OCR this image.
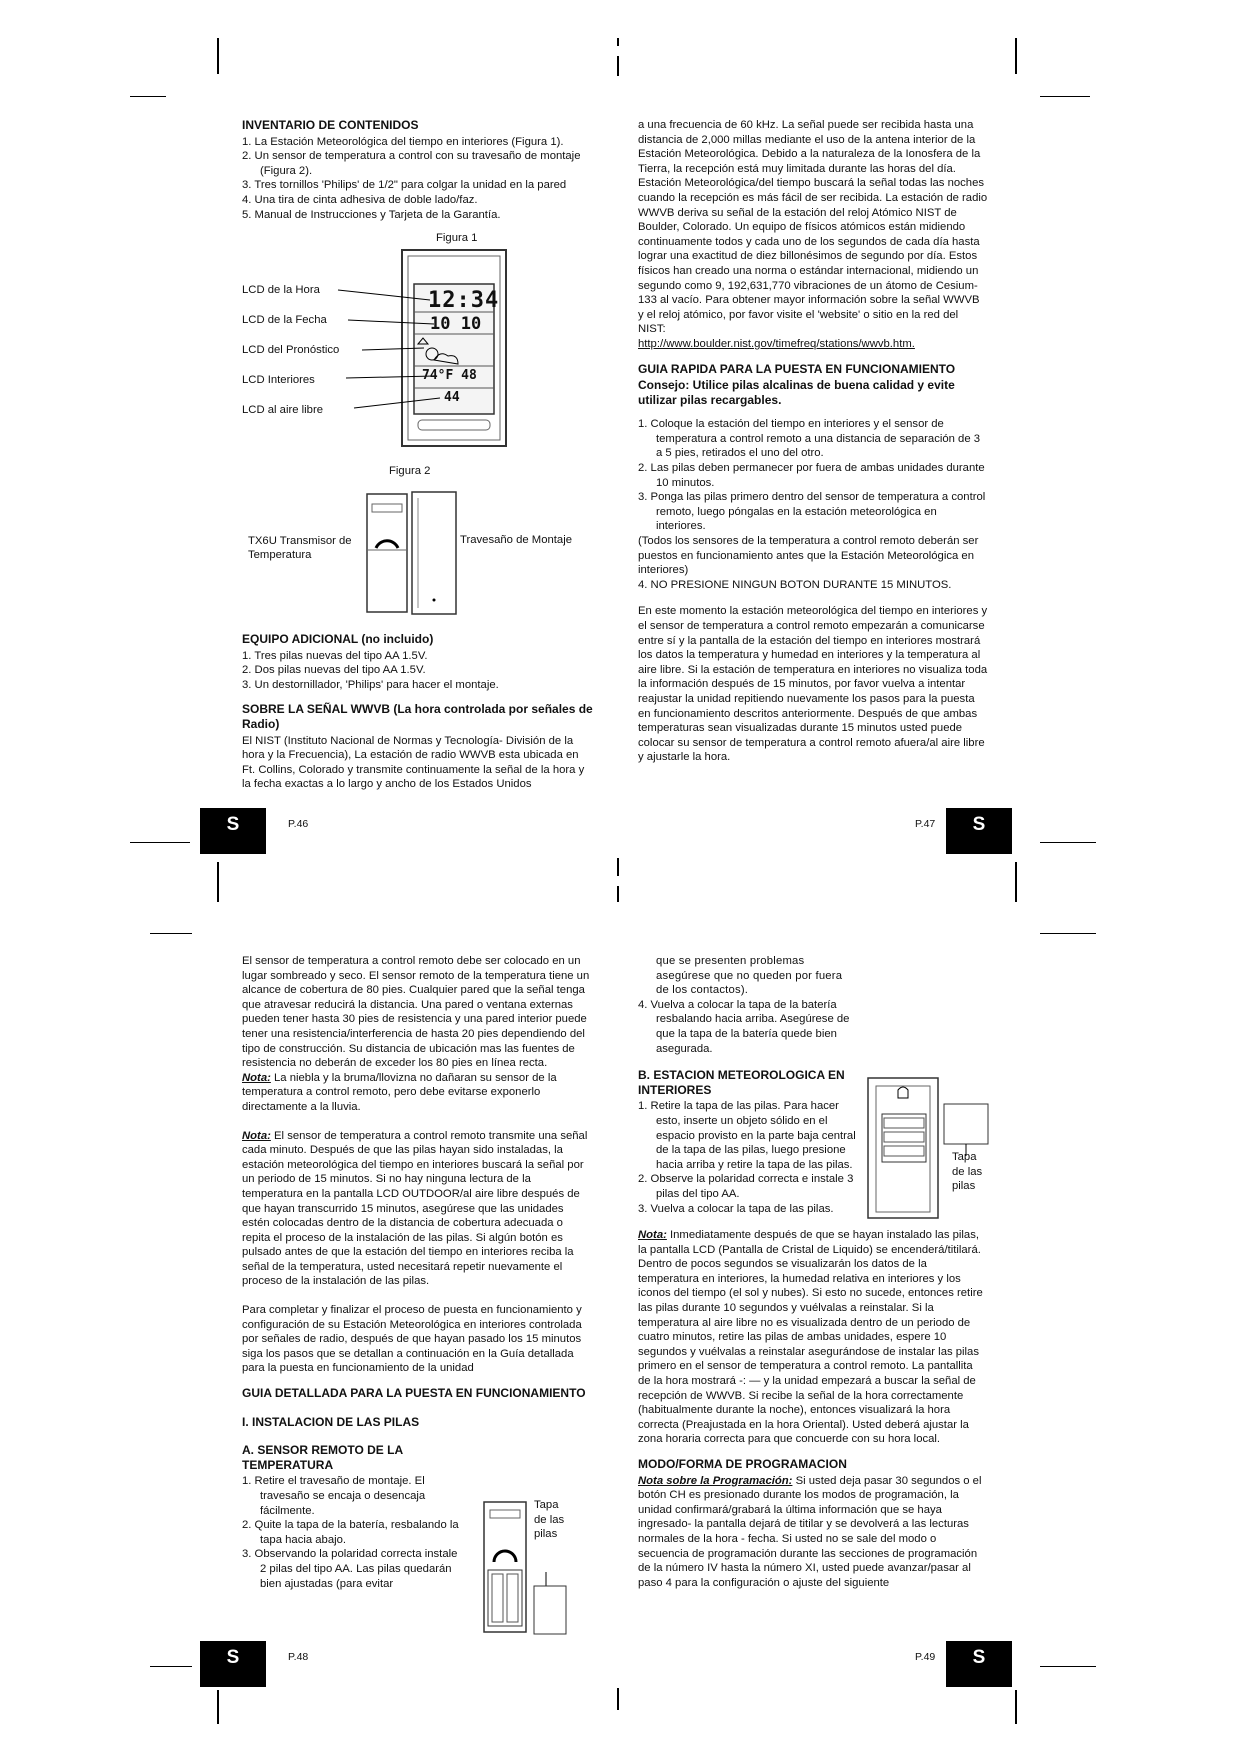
INVENTARIO DE CONTENIDOS
1. La Estación Meteorológica del tiempo en interiores (Figura 1).
2. Un sensor de temperatura a control con su travesaño de montaje (Figura 2).
3. Tres tornillos 'Philips' de 1/2" para colgar la unidad en la pared
4. Una tira de cinta adhesiva de doble lado/faz.
5. Manual de Instrucciones y Tarjeta de la Garantía.
Figura 1
LCD de la Hora
LCD de la Fecha
LCD del Pronóstico
LCD Interiores
LCD al aire libre
12:34
10 10
74°F 48
44
Figura 2
TX6U Transmisor de Temperatura
Travesaño de Montaje
EQUIPO ADICIONAL (no incluido)
1. Tres pilas nuevas del tipo AA 1.5V.
2. Dos pilas nuevas del tipo AA 1.5V.
3. Un destornillador, 'Philips' para hacer el montaje.
SOBRE LA SEÑAL WWVB (La hora controlada por señales de Radio)

El NIST (Instituto Nacional de Normas y Tecnología- División de la hora y la Frecuencia), La estación de radio WWVB esta ubicada en Ft. Collins, Colorado y transmite continuamente la señal de la hora y la fecha exactas a lo largo y ancho de los Estados Unidos

S	P.46

a una frecuencia de 60 kHz. La señal puede ser recibida hasta una distancia de 2,000 millas mediante el uso de la antena interior de la Estación Meteorológica. Debido a la naturaleza de la Ionosfera de la Tierra, la recepción está muy limitada durante las horas del día. Estación Meteorológica/del tiempo buscará la señal todas las noches cuando la recepción es más fácil de ser recibida. La estación de radio WWVB deriva su señal de la estación del reloj Atómico NIST de Boulder, Colorado. Un equipo de físicos atómicos están midiendo continuamente todos y cada uno de los segundos de cada día hasta lograr una exactitud de diez billonésimos de segundo por día. Estos físicos han creado una norma o estándar internacional, midiendo un segundo como 9, 192,631,770 vibraciones de un átomo de Cesium-133 al vacío. Para obtener mayor información sobre la señal WWVB y el reloj atómico, por favor visite el 'website' o sitio en la red del NIST:

http://www.boulder.nist.gov/timefreq/stations/wwvb.htm.

GUIA RAPIDA PARA LA PUESTA EN FUNCIONAMIENTO
Consejo: Utilice pilas alcalinas de buena calidad y evite utilizar pilas recargables.
1. Coloque la estación del tiempo en interiores y el sensor de temperatura a control remoto a una distancia de separación de 3 a 5 pies, retirados el uno del otro.
2. Las pilas deben permanecer por fuera de ambas unidades durante 10 minutos.
3. Ponga las pilas primero dentro del sensor de temperatura a control remoto, luego póngalas en la estación meteorológica en interiores.

(Todos los sensores de la temperatura a control remoto deberán ser puestos en funcionamiento antes que la Estación Meteorológica en interiores)

4. NO PRESIONE NINGUN BOTON DURANTE 15 MINUTOS.

En este momento la estación meteorológica del tiempo en interiores y el sensor de temperatura a control remoto empezarán a comunicarse entre sí y la pantalla de la estación del tiempo en interiores mostrará los datos la temperatura y humedad en interiores y la temperatura al aire libre. Si la estación de temperatura en interiores no visualiza toda la información después de 15 minutos, por favor vuelva a intentar reajustar la unidad repitiendo nuevamente los pasos para la puesta en funcionamiento descritos anteriormente. Después de que ambas temperaturas sean visualizadas durante 15 minutos usted puede colocar su sensor de temperatura a control remoto afuera/al aire libre y ajustarle la hora.

S
P.47

El sensor de temperatura a control remoto debe ser colocado en un lugar sombreado y seco. El sensor remoto de la temperatura tiene un alcance de cobertura de 80 pies. Cualquier pared que la señal tenga que atravesar reducirá la distancia. Una pared o ventana externas pueden tener hasta 30 pies de resistencia y una pared interior puede tener una resistencia/interferencia de hasta 20 pies dependiendo del tipo de construcción. Su distancia de ubicación mas las fuentes de resistencia no deberán de exceder los 80 pies en línea recta.

Nota: La niebla y la bruma/llovizna no dañaran su sensor de la temperatura a control remoto, pero debe evitarse exponerlo directamente a la lluvia.

Nota: El sensor de temperatura a control remoto transmite una señal cada minuto. Después de que las pilas hayan sido instaladas, la estación meteorológica del tiempo en interiores buscará la señal por un periodo de 15 minutos. Si no hay ninguna lectura de la temperatura en la pantalla LCD OUTDOOR/al aire libre después de que hayan transcurrido 15 minutos, asegúrese que las unidades estén colocadas dentro de la distancia de cobertura adecuada o repita el proceso de la instalación de las pilas. Si algún botón es pulsado antes de que la estación del tiempo en interiores reciba la señal de la temperatura, usted necesitará repetir nuevamente el proceso de la instalación de las pilas.

Para completar y finalizar el proceso de puesta en funcionamiento y configuración de su Estación Meteorológica en interiores controlada por señales de radio, después de que hayan pasado los 15 minutos siga los pasos que se detallan a continuación en la Guía detallada para la puesta en funcionamiento de la unidad

GUIA DETALLADA PARA LA PUESTA EN FUNCIONAMIENTO
I. INSTALACION DE LAS PILAS
A. SENSOR REMOTO DE LA TEMPERATURA
1. Retire el travesaño de montaje. El travesaño se encaja o desencaja fácilmente.
2. Quite la tapa de la batería, resbalando la tapa hacia abajo.
3. Observando la polaridad correcta instale 2 pilas del tipo AA. Las pilas quedarán bien ajustadas (para evitar
Tapa de las pilas
S	P.48

que se presenten problemas asegúrese que no queden por fuera de los contactos).

4. Vuelva a colocar la tapa de la batería resbalando hacia arriba. Asegúrese de que la tapa de la batería quede bien asegurada.
B. ESTACION METEOROLOGICA EN INTERIORES
1. Retire la tapa de las pilas. Para hacer esto, inserte un objeto sólido en el espacio provisto en la parte baja central de la tapa de las pilas, luego presione hacia arriba y retire la tapa de las pilas.
2. Observe la polaridad correcta e instale 3 pilas del tipo AA.
3. Vuelva a colocar la tapa de las pilas.

Nota: Inmediatamente después de que se hayan instalado las pilas, la pantalla LCD (Pantalla de Cristal de Liquido) se encenderá/titilará. Dentro de pocos segundos se visualizarán los datos de la temperatura en interiores, la humedad relativa en interiores y los iconos del tiempo (el sol y nubes). Si esto no sucede, entonces retire las pilas durante 10 segundos y vuélvalas a reinstalar. Si la temperatura al aire libre no es visualizada dentro de un periodo de cuatro minutos, retire las pilas de ambas unidades, espere 10 segundos y vuélvalas a reinstalar asegurándose de instalar las pilas primero en el sensor de temperatura a control remoto. La pantallita de la hora mostrará -: — y la unidad empezará a buscar la señal de recepción de WWVB. Si recibe la señal de la hora correctamente (habitualmente durante la noche), entonces visualizará la hora correcta (Preajustada en la hora Oriental). Usted deberá ajustar la zona horaria correcta para que concuerde con su hora local.

MODO/FORMA DE PROGRAMACION

Nota sobre la Programación: Si usted deja pasar 30 segundos o el botón CH es presionado durante los modos de programación, la unidad confirmará/grabará la última información que se haya ingresado- la pantalla dejará de titilar y se devolverá a las lecturas normales de la hora - fecha. Si usted no se sale del modo o secuencia de programación durante las secciones de programación de la número IV hasta la número XI, usted puede avanzar/pasar al paso 4 para la configuración o ajuste del siguiente

Tapa de las pilas
S
P.49
